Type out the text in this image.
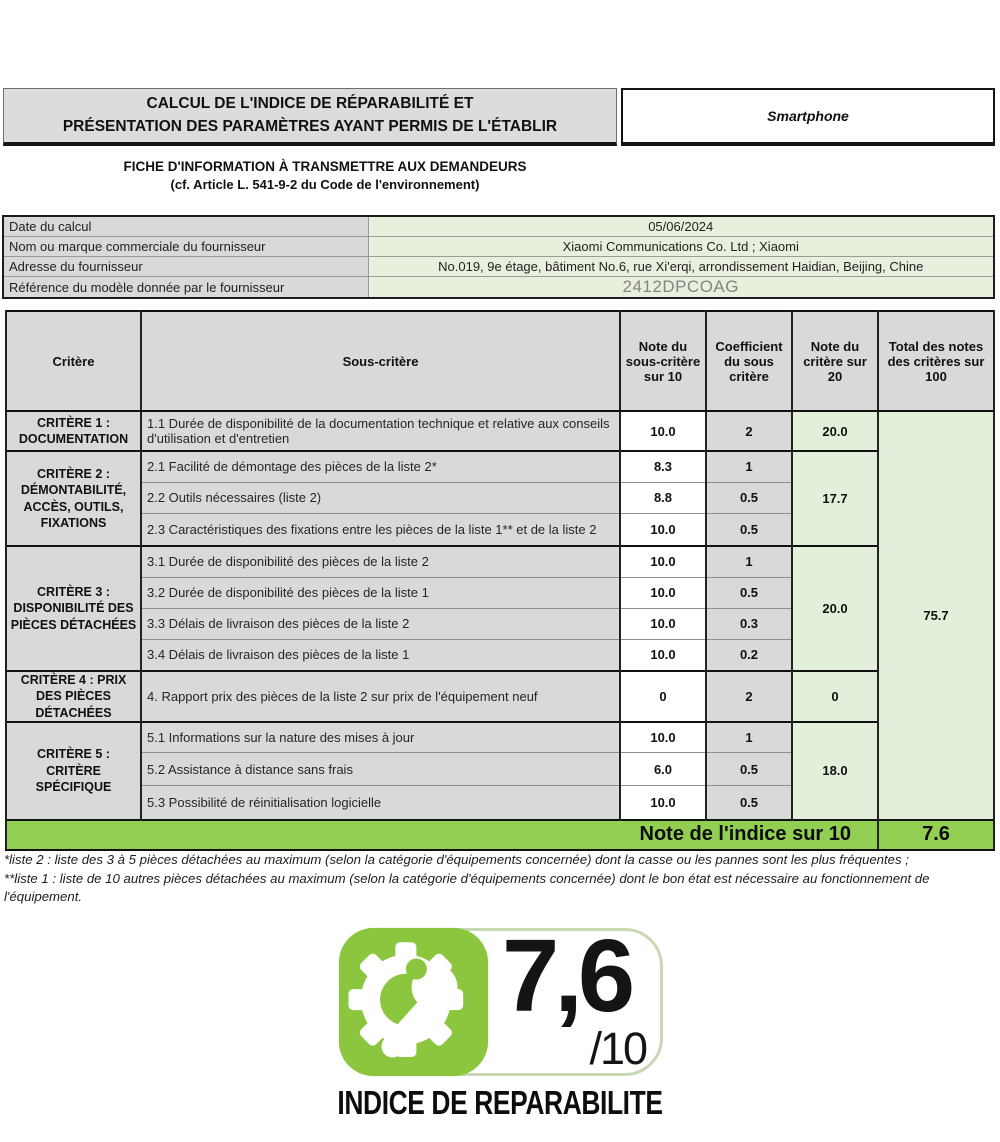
CALCUL DE L'INDICE DE RÉPARABILITÉ ET
PRÉSENTATION DES PARAMÈTRES AYANT PERMIS DE L'ÉTABLIR
Smartphone
FICHE D'INFORMATION À TRANSMETTRE AUX DEMANDEURS
(cf. Article L. 541-9-2 du Code de l'environnement)
Date du calcul	05/06/2024
Nom ou marque commerciale du fournisseur	Xiaomi Communications Co. Ltd ; Xiaomi
Adresse du fournisseur	No.019, 9e étage, bâtiment No.6, rue Xi'erqi, arrondissement Haidian, Beijing, Chine
Référence du modèle donnée par le fournisseur	2412DPCOAG
Critère	Sous-critère	Note du sous-critère sur 10	Coefficient du sous critère	Note du critère sur 20	Total des notes des critères sur 100
CRITÈRE 1 : DOCUMENTATION	1.1 Durée de disponibilité de la documentation technique et relative aux conseils d'utilisation et d'entretien	10.0	2	20.0	75.7
CRITÈRE 2 : DÉMONTABILITÉ, ACCÈS, OUTILS, FIXATIONS	2.1 Facilité de démontage des pièces de la liste 2*	8.3	1	17.7	
	2.2 Outils nécessaires (liste 2)	8.8	0.5		
	2.3 Caractéristiques des fixations entre les pièces de la liste 1** et de la liste 2	10.0	0.5		
CRITÈRE 3 : DISPONIBILITÉ DES PIÈCES DÉTACHÉES	3.1 Durée de disponibilité des pièces de la liste 2	10.0	1	20.0	
	3.2 Durée de disponibilité des pièces de la liste 1	10.0	0.5		
	3.3 Délais de livraison des pièces de la liste 2	10.0	0.3		
	3.4 Délais de livraison des pièces de la liste 1	10.0	0.2		
CRITÈRE 4 : PRIX DES PIÈCES DÉTACHÉES	4. Rapport prix des pièces de la liste 2 sur prix de l'équipement neuf	0	2	0	
CRITÈRE 5 : CRITÈRE SPÉCIFIQUE	5.1 Informations sur la nature des mises à jour	10.0	1	18.0	
	5.2 Assistance à distance sans frais	6.0	0.5		
	5.3 Possibilité de réinitialisation logicielle	10.0	0.5		
Note de l'indice sur 10					7.6
*liste 2 : liste des 3 à 5 pièces détachées au maximum (selon la catégorie d'équipements concernée) dont la casse ou les pannes sont les plus fréquentes ;
**liste 1 : liste de 10 autres pièces détachées au maximum (selon la catégorie d'équipements concernée) dont le bon état est nécessaire au fonctionnement de l'équipement.
7,6
/10
INDICE DE REPARABILITE
